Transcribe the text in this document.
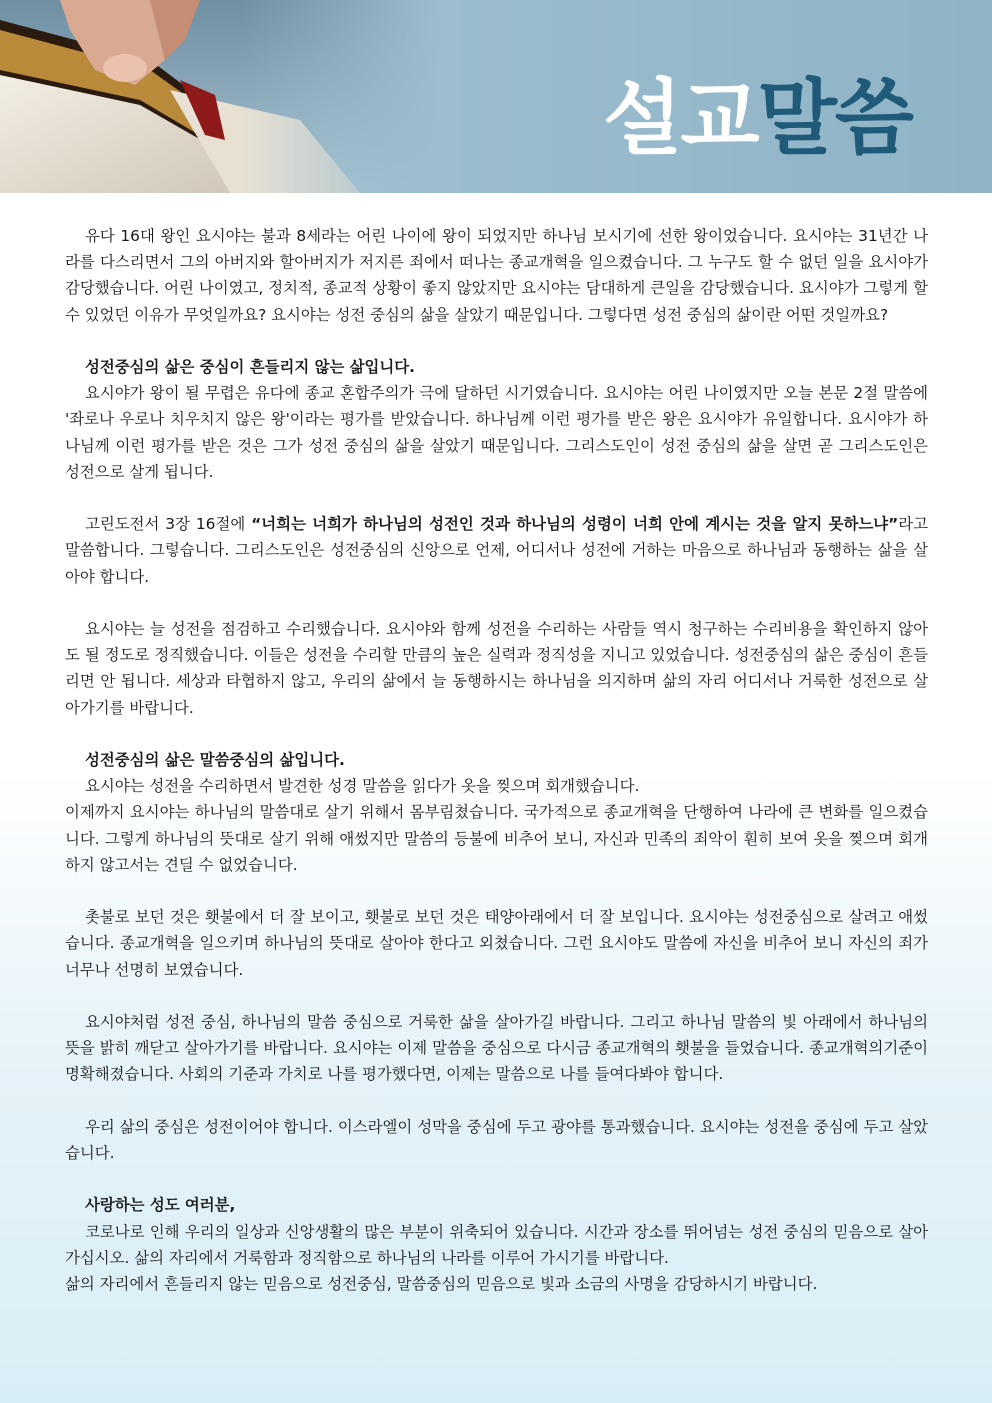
설교말씀

유다 16대 왕인 요시야는 불과 8세라는 어린 나이에 왕이 되었지만 하나님 보시기에 선한 왕이었습니다. 요시야는 31년간 나라를 다스리면서 그의 아버지와 할아버지가 저지른 죄에서 떠나는 종교개혁을 일으켰습니다. 그 누구도 할 수 없던 일을 요시야가 감당했습니다. 어린 나이였고, 정치적, 종교적 상황이 좋지 않았지만 요시야는 담대하게 큰일을 감당했습니다. 요시야가 그렇게 할 수 있었던 이유가 무엇일까요? 요시야는 성전 중심의 삶을 살았기 때문입니다. 그렇다면 성전 중심의 삶이란 어떤 것일까요?

성전중심의 삶은 중심이 흔들리지 않는 삶입니다.

요시야가 왕이 될 무렵은 유다에 종교 혼합주의가 극에 달하던 시기였습니다. 요시야는 어린 나이였지만 오늘 본문 2절 말씀에 '좌로나 우로나 치우치지 않은 왕'이라는 평가를 받았습니다. 하나님께 이런 평가를 받은 왕은 요시야가 유일합니다. 요시야가 하나님께 이런 평가를 받은 것은 그가 성전 중심의 삶을 살았기 때문입니다. 그리스도인이 성전 중심의 삶을 살면 곧 그리스도인은 성전으로 살게 됩니다.

고린도전서 3장 16절에 “너희는 너희가 하나님의 성전인 것과 하나님의 성령이 너희 안에 계시는 것을 알지 못하느냐”라고 말씀합니다. 그렇습니다. 그리스도인은 성전중심의 신앙으로 언제, 어디서나 성전에 거하는 마음으로 하나님과 동행하는 삶을 살아야 합니다.

요시야는 늘 성전을 점검하고 수리했습니다. 요시야와 함께 성전을 수리하는 사람들 역시 청구하는 수리비용을 확인하지 않아도 될 정도로 정직했습니다. 이들은 성전을 수리할 만큼의 높은 실력과 정직성을 지니고 있었습니다. 성전중심의 삶은 중심이 흔들리면 안 됩니다. 세상과 타협하지 않고, 우리의 삶에서 늘 동행하시는 하나님을 의지하며 삶의 자리 어디서나 거룩한 성전으로 살아가기를 바랍니다.

성전중심의 삶은 말씀중심의 삶입니다.

요시야는 성전을 수리하면서 발견한 성경 말씀을 읽다가 옷을 찢으며 회개했습니다.

이제까지 요시야는 하나님의 말씀대로 살기 위해서 몸부림쳤습니다. 국가적으로 종교개혁을 단행하여 나라에 큰 변화를 일으켰습니다. 그렇게 하나님의 뜻대로 살기 위해 애썼지만 말씀의 등불에 비추어 보니, 자신과 민족의 죄악이 훤히 보여 옷을 찢으며 회개하지 않고서는 견딜 수 없었습니다.

촛불로 보던 것은 횃불에서 더 잘 보이고, 횃불로 보던 것은 태양아래에서 더 잘 보입니다. 요시야는 성전중심으로 살려고 애썼습니다. 종교개혁을 일으키며 하나님의 뜻대로 살아야 한다고 외쳤습니다. 그런 요시야도 말씀에 자신을 비추어 보니 자신의 죄가 너무나 선명히 보였습니다.

요시야처럼 성전 중심, 하나님의 말씀 중심으로 거룩한 삶을 살아가길 바랍니다. 그리고 하나님 말씀의 빛 아래에서 하나님의 뜻을 밝히 깨닫고 살아가기를 바랍니다. 요시야는 이제 말씀을 중심으로 다시금 종교개혁의 횃불을 들었습니다. 종교개혁의기준이 명확해졌습니다. 사회의 기준과 가치로 나를 평가했다면, 이제는 말씀으로 나를 들여다봐야 합니다.

우리 삶의 중심은 성전이어야 합니다. 이스라엘이 성막을 중심에 두고 광야를 통과했습니다. 요시야는 성전을 중심에 두고 살았습니다.

사랑하는 성도 여러분,

코로나로 인해 우리의 일상과 신앙생활의 많은 부분이 위축되어 있습니다. 시간과 장소를 뛰어넘는 성전 중심의 믿음으로 살아가십시오. 삶의 자리에서 거룩함과 정직함으로 하나님의 나라를 이루어 가시기를 바랍니다.

삶의 자리에서 흔들리지 않는 믿음으로 성전중심, 말씀중심의 믿음으로 빛과 소금의 사명을 감당하시기 바랍니다.
